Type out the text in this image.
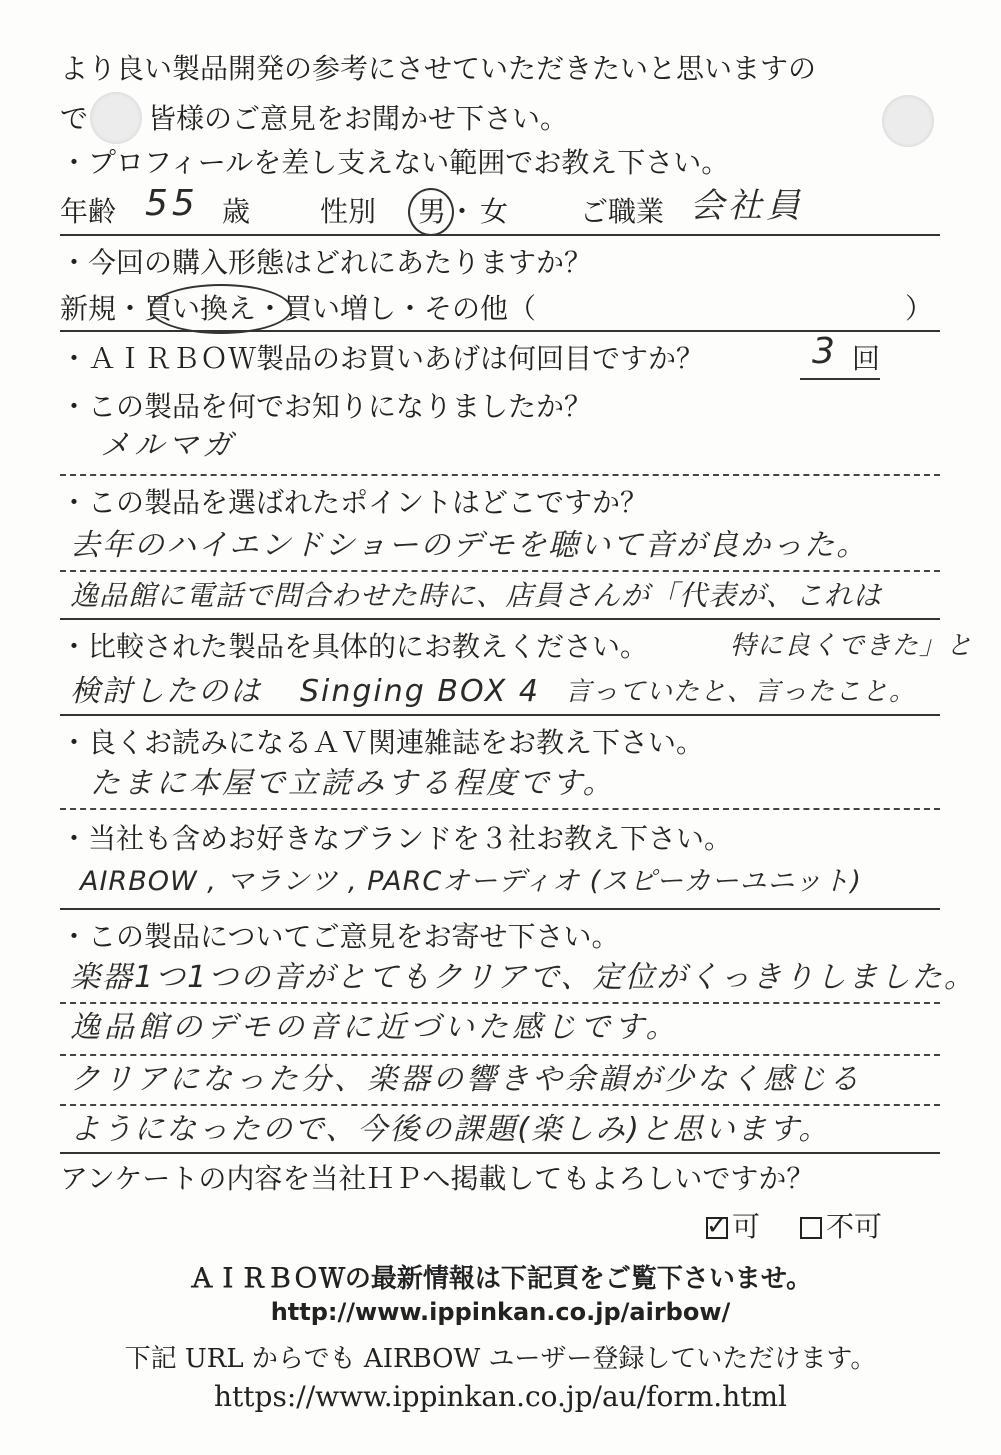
より良い製品開発の参考にさせていただきたいと思いますの
で 皆様のご意見をお聞かせ下さい。
・プロフィールを差し支えない範囲でお教え下さい。
年齢 55 歳 性別 男 ・ 女	ご職業 会社員
・今回の購入形態はどれにあたりますか？
新規・買い換え・買い増し・その他（	）
・ＡＩＲＢＯＷ製品のお買いあげは何回目ですか？	3 回
・この製品を何でお知りになりましたか？
メルマガ
・この製品を選ばれたポイントはどこですか？
去年のハイエンドショーのデモを聴いて音が良かった。
逸品館に電話で問合わせた時に、店員さんが「代表が、これは
・比較された製品を具体的にお教えください。	特に良くできた」と
検討したのは Singing BOX 4 言っていたと、言ったこと。
・良くお読みになるＡＶ関連雑誌をお教え下さい。
たまに本屋で立読みする程度です。
・当社も含めお好きなブランドを３社お教え下さい。
AIRBOW , マランツ , PARCオーディオ (スピーカーユニット)
・この製品についてご意見をお寄せ下さい。
楽器1つ1つの音がとてもクリアで、定位がくっきりしました。
逸品館のデモの音に近づいた感じです。
クリアになった分、楽器の響きや余韻が少なく感じる
ようになったので、今後の課題(楽しみ)と思います。
アンケートの内容を当社ＨＰへ掲載してもよろしいですか？
✓ 可	不可
ＡＩＲＢＯＷの最新情報は下記頁をご覧下さいませ。
http://www.ippinkan.co.jp/airbow/
下記 URL からでも AIRBOW ユーザー登録していただけます。
https://www.ippinkan.co.jp/au/form.html
